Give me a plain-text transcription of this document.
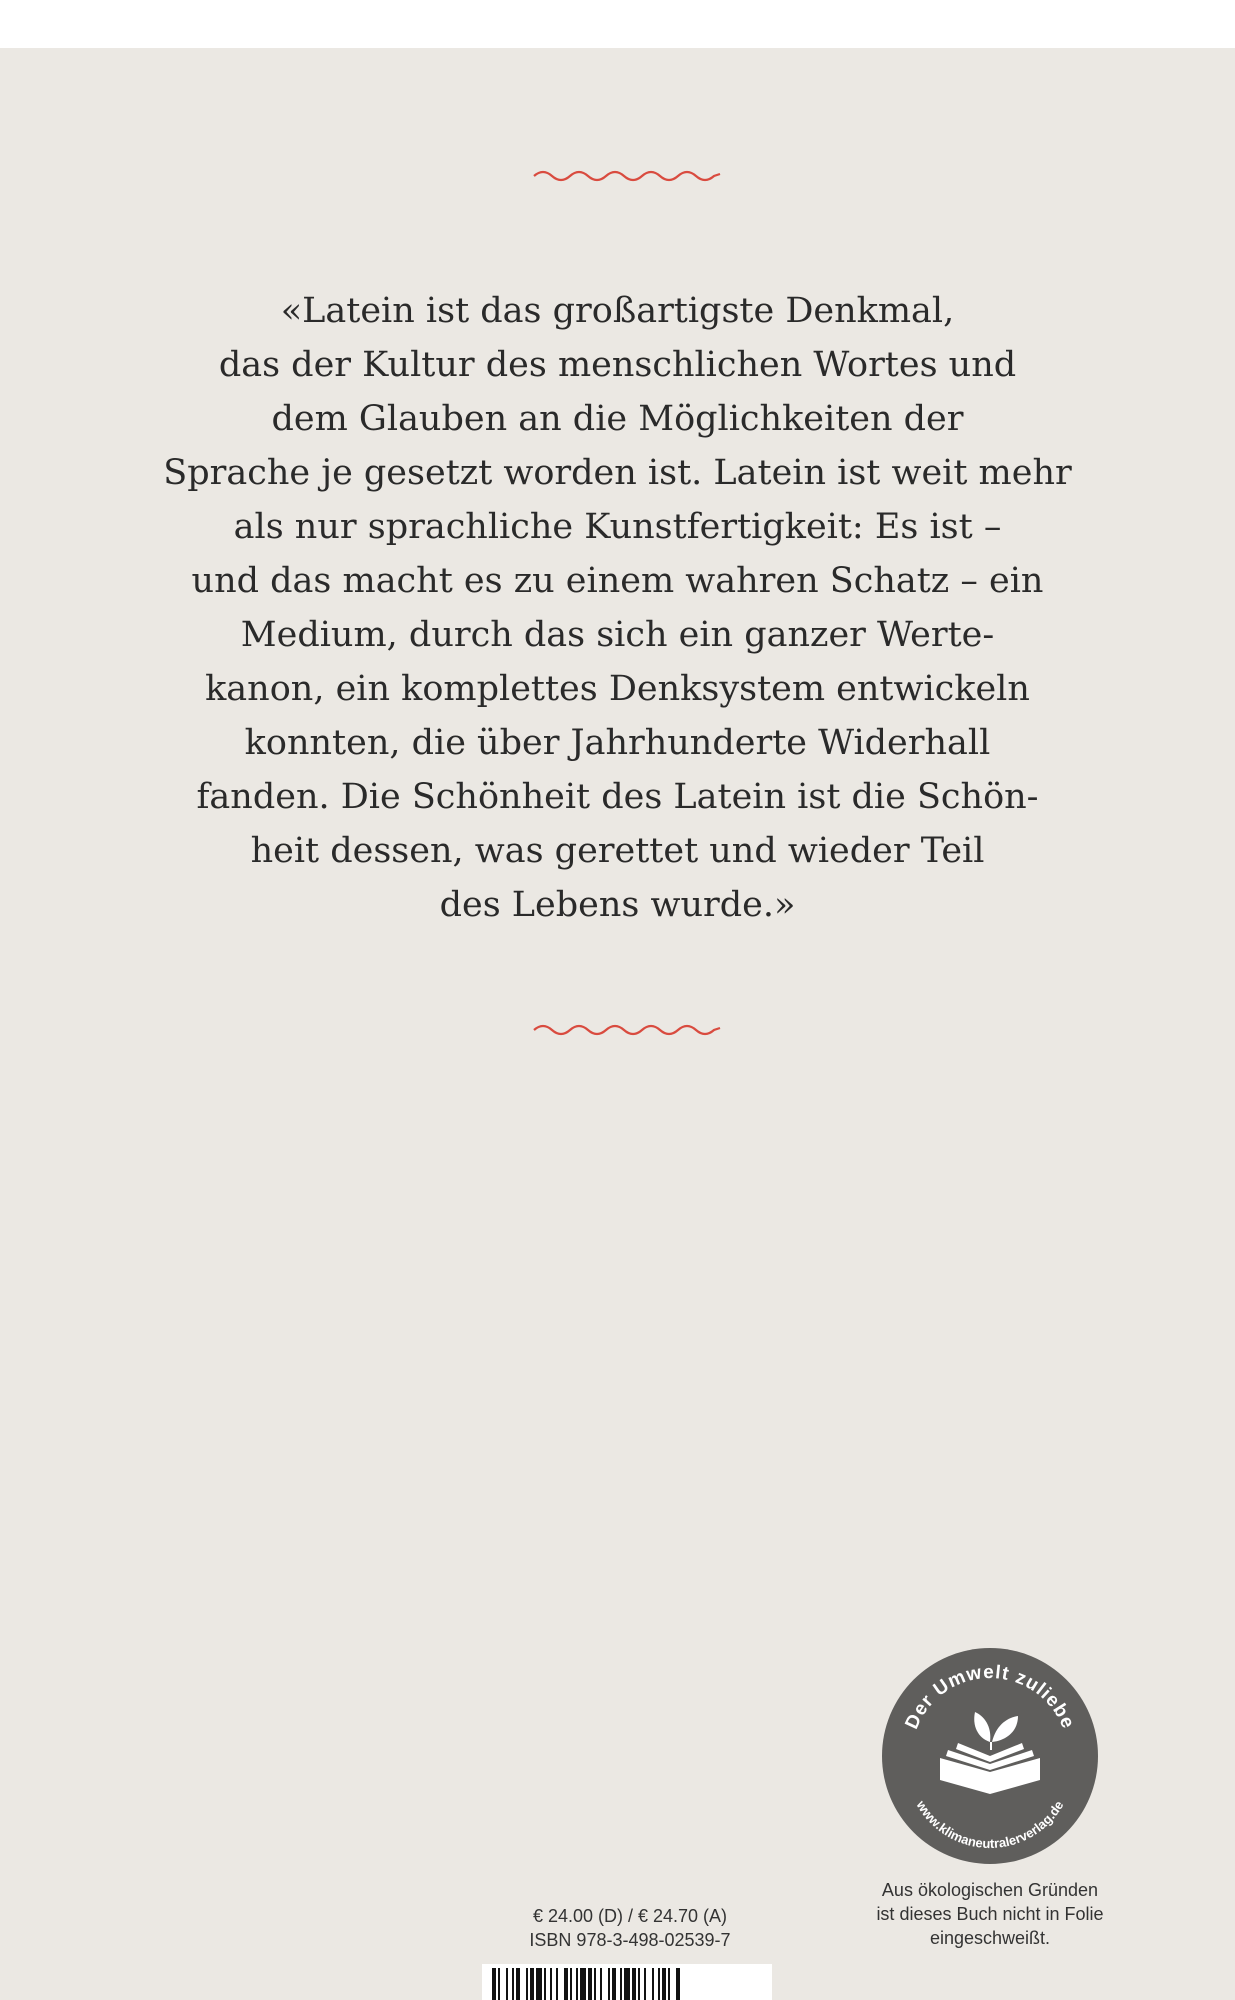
«Latein ist das großartigste Denkmal,
das der Kultur des menschlichen Wortes und
dem Glauben an die Möglichkeiten der
Sprache je gesetzt worden ist. Latein ist weit mehr
als nur sprachliche Kunstfertigkeit: Es ist –
und das macht es zu einem wahren Schatz – ein
Medium, durch das sich ein ganzer Werte-
kanon, ein komplettes Denksystem entwickeln
konnten, die über Jahrhunderte Widerhall
fanden. Die Schönheit des Latein ist die Schön-
heit dessen, was gerettet und wieder Teil
des Lebens wurde.»
Der Umwelt zuliebe
www.klimaneutralerverlag.de
Aus ökologischen Gründen
ist dieses Buch nicht in Folie
eingeschweißt.
€ 24.00 (D) / € 24.70 (A)
ISBN 978-3-498-02539-7
